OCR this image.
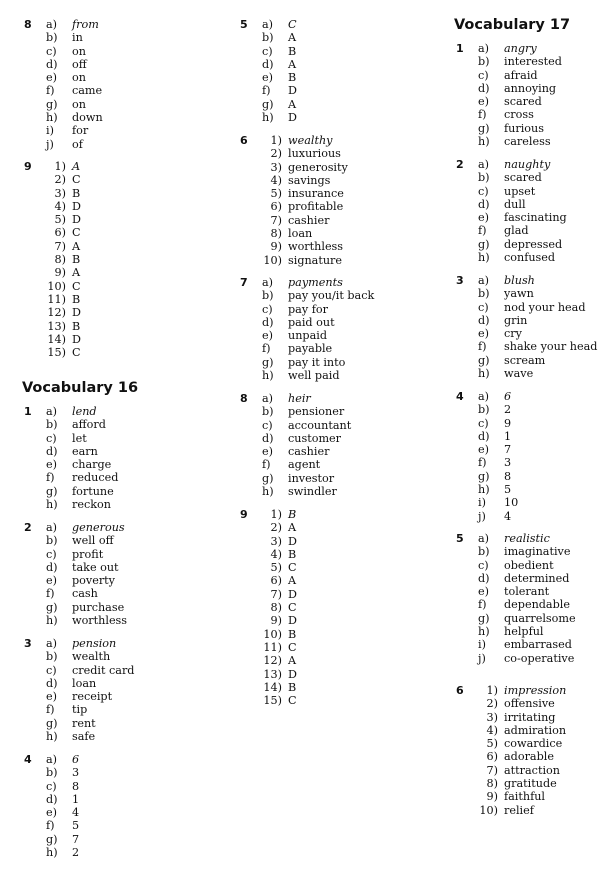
Vocabulary 16
Vocabulary 17
8 a)	from
b)	in
c)	on
d)	off
e)	on
f)	came
g)	on
h)	down
i)	for
j)	of
9	1) A
2) C
3) B
4) D
5) D
6) C
7) A
8) B
9) A
10) C
11) B
12) D
13) B
14) D
15) C
1 a)	lend
b)	afford
c)	let
d)	earn
e)	charge
f)	reduced
g)	fortune
h)	reckon
2 a)	generous
b)	well off
c)	profit
d)	take out
e)	poverty
f)	cash
g)	purchase
h)	worthless
3 a)	pension
b)	wealth
c)	credit card
d)	loan
e)	receipt
f)	tip
g)	rent
h)	safe
4 a)	6
b)	3
c)	8
d)	1
e)	4
f)	5
g)	7
h)	2
5 a)	C
b)	A
c)	B
d)	A
e)	B
f)	D
g)	A
h)	D
6	1) wealthy
2) luxurious
3) generosity
4) savings
5) insurance
6) profitable
7) cashier
8) loan
9) worthless
10) signature
7 a)	payments
b)	pay you/it back
c)	pay for
d)	paid out
e)	unpaid
f)	payable
g)	pay it into
h)	well paid
8 a)	heir
b)	pensioner
c)	accountant
d)	customer
e)	cashier
f)	agent
g)	investor
h)	swindler
9	1) B
2) A
3) D
4) B
5) C
6) A
7) D
8) C
9) D
10) B
11) C
12) A
13) D
14) B
15) C
1 a)	angry
b)	interested
c)	afraid
d)	annoying
e)	scared
f)	cross
g)	furious
h)	careless
2 a)	naughty
b)	scared
c)	upset
d)	dull
e)	fascinating
f)	glad
g)	depressed
h)	confused
3 a)	blush
b)	yawn
c)	nod your head
d)	grin
e)	cry
f)	shake your head
g)	scream
h)	wave
4 a)	6
b)	2
c)	9
d)	1
e)	7
f)	3
g)	8
h)	5
i)	10
j)	4
5 a)	realistic
b)	imaginative
c)	obedient
d)	determined
e)	tolerant
f)	dependable
g)	quarrelsome
h)	helpful
i)	embarrased
j)	co-operative
6	1) impression
2) offensive
3) irritating
4) admiration
5) cowardice
6) adorable
7) attraction
8) gratitude
9) faithful
10) relief
